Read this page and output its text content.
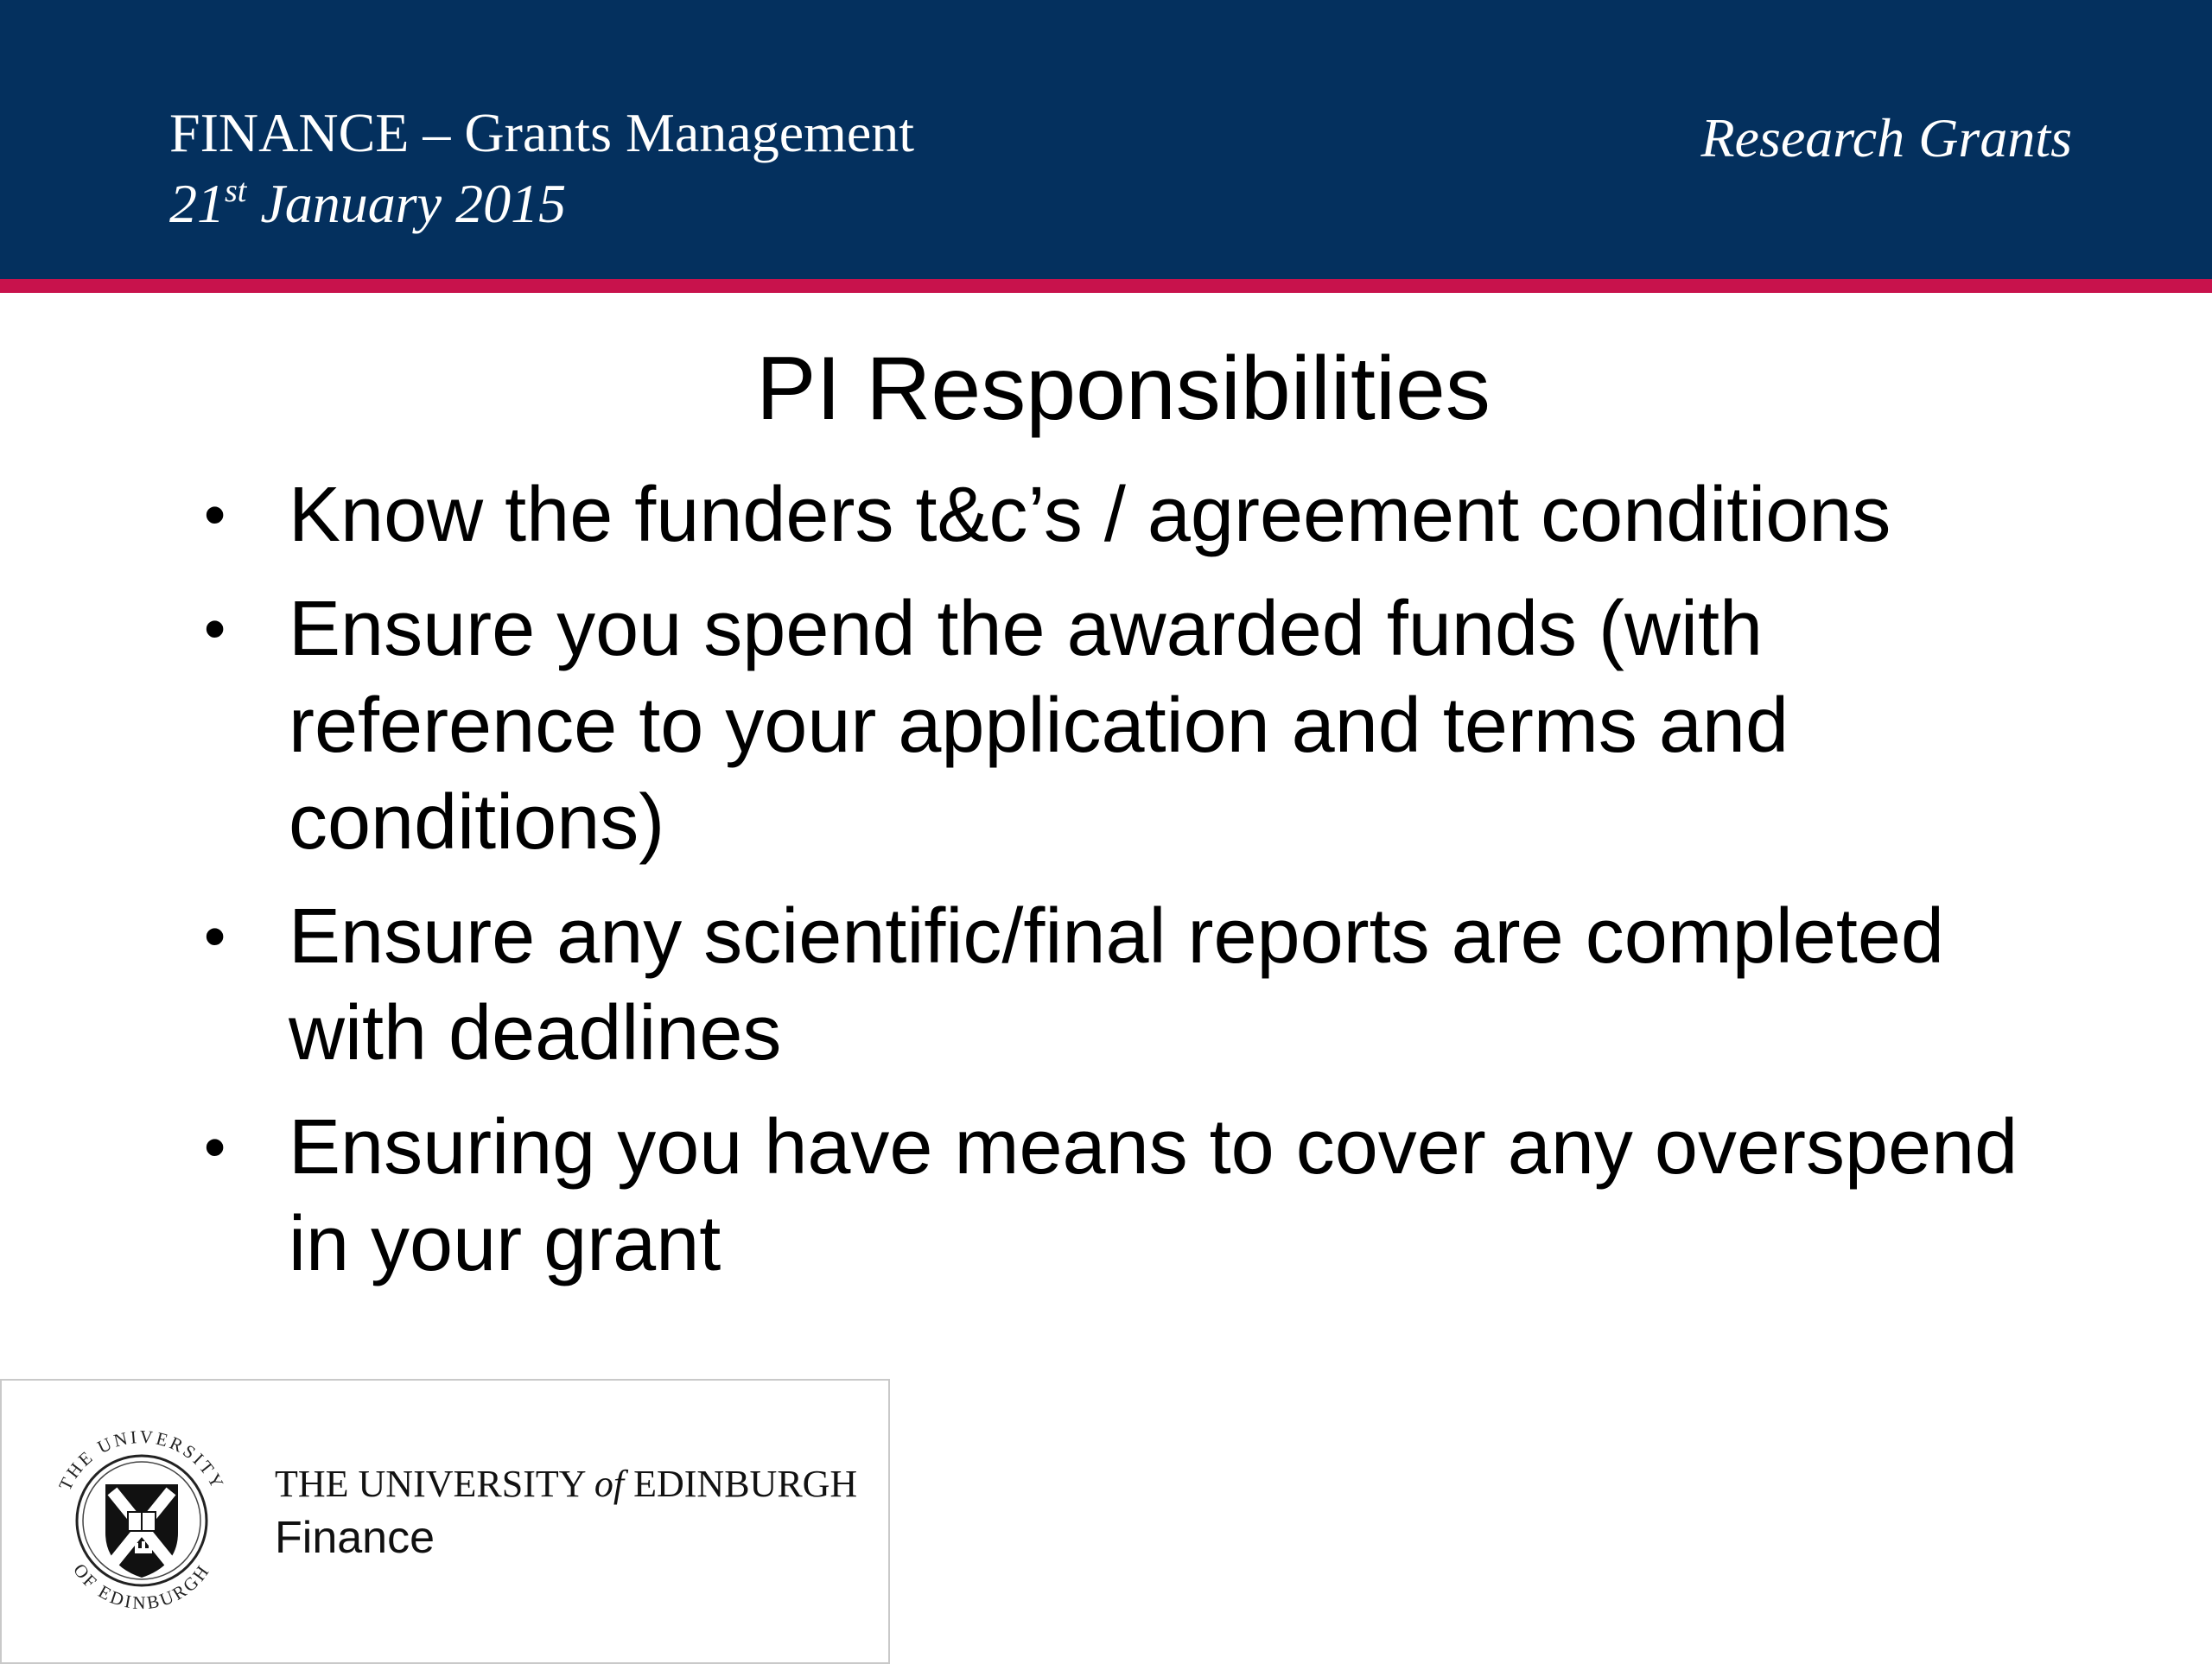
FINANCE – Grants Management
21st January 2015
Research Grants
PI Responsibilities
• Know the funders t&c’s / agreement conditions
• Ensure you spend the awarded funds (with reference to your application and terms and conditions)
• Ensure any scientific/final reports are completed with deadlines
• Ensuring you have means to cover any overspend in your grant
THE UNIVERSITY
OF EDINBURGH
THE UNIVERSITY of EDINBURGH
Finance
